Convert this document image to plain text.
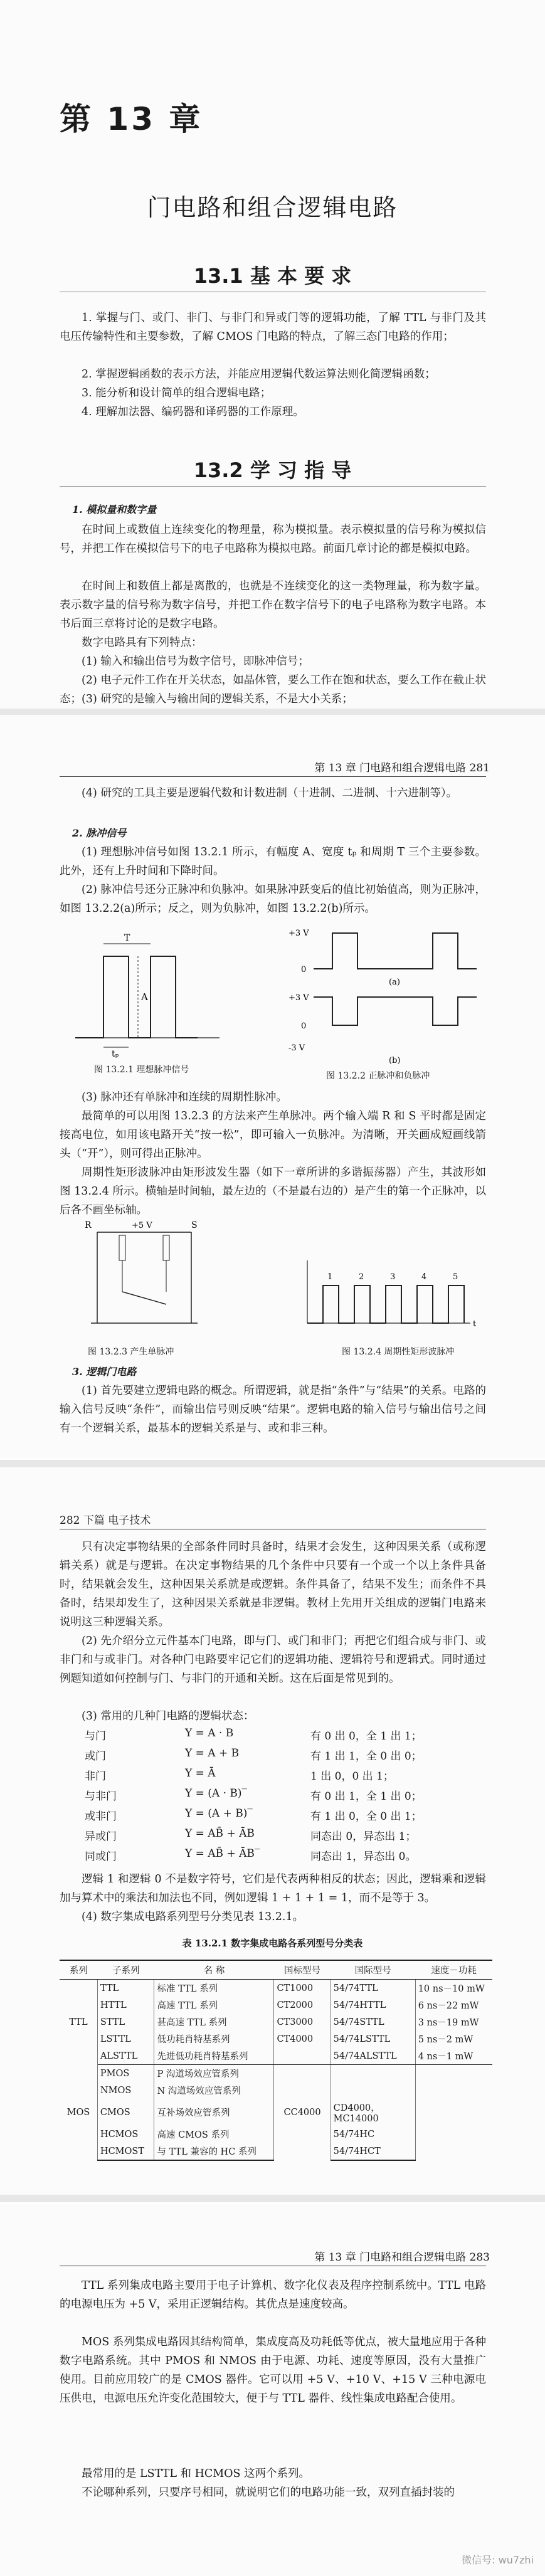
第 13 章
门电路和组合逻辑电路
13.1 基 本 要 求
1. 掌握与门、或门、非门、与非门和异或门等的逻辑功能，了解 TTL 与非门及其电压传输特性和主要参数，了解 CMOS 门电路的特点，了解三态门电路的作用；
2. 掌握逻辑函数的表示方法，并能应用逻辑代数运算法则化简逻辑函数；
3. 能分析和设计简单的组合逻辑电路；
4. 理解加法器、编码器和译码器的工作原理。
13.2 学 习 指 导
1. 模拟量和数字量
在时间上或数值上连续变化的物理量，称为模拟量。表示模拟量的信号称为模拟信号，并把工作在模拟信号下的电子电路称为模拟电路。前面几章讨论的都是模拟电路。
在时间上和数值上都是离散的，也就是不连续变化的这一类物理量，称为数字量。表示数字量的信号称为数字信号，并把工作在数字信号下的电子电路称为数字电路。本书后面三章将讨论的是数字电路。
数字电路具有下列特点：
(1) 输入和输出信号为数字信号，即脉冲信号；
(2) 电子元件工作在开关状态，如晶体管，要么工作在饱和状态，要么工作在截止状态； (3) 研究的是输入与输出间的逻辑关系，不是大小关系；
第 13 章 门电路和组合逻辑电路 281
(4) 研究的工具主要是逻辑代数和计数进制（十进制、二进制、十六进制等）。
2. 脉冲信号
(1) 理想脉冲信号如图 13.2.1 所示，有幅度 A、宽度 tₚ 和周期 T 三个主要参数。此外，还有上升时间和下降时间。
(2) 脉冲信号还分正脉冲和负脉冲。如果脉冲跃变后的值比初始值高，则为正脉冲，如图 13.2.2(a)所示；反之，则为负脉冲，如图 13.2.2(b)所示。
A
tₚ
T
图 13.2.1 理想脉冲信号
+3 V
0
(a)
+3 V
0
-3 V
(b)
图 13.2.2 正脉冲和负脉冲
(3) 脉冲还有单脉冲和连续的周期性脉冲。
最简单的可以用图 13.2.3 的方法来产生单脉冲。两个输入端 R 和 S 平时都是固定接高电位，如用该电路开关“按一松”，即可输入一负脉冲。为清晰，开关画成短画线箭头（“开”），则可得出正脉冲。
周期性矩形波脉冲由矩形波发生器（如下一章所讲的多谐振荡器）产生，其波形如图 13.2.4 所示。横轴是时间轴，最左边的（不是最右边的）是产生的第一个正脉冲，以后各不画坐标轴。
R	S
+5 V
图 13.2.3 产生单脉冲
1	2	3	4	5
t
图 13.2.4 周期性矩形波脉冲
3. 逻辑门电路
(1) 首先要建立逻辑电路的概念。所谓逻辑，就是指“条件”与“结果”的关系。电路的输入信号反映“条件”，而输出信号则反映“结果”。逻辑电路的输入信号与输出信号之间有一个逻辑关系，最基本的逻辑关系是与、或和非三种。
282 下篇 电子技术
只有决定事物结果的全部条件同时具备时，结果才会发生，这种因果关系（或称逻辑关系）就是与逻辑。在决定事物结果的几个条件中只要有一个或一个以上条件具备时，结果就会发生，这种因果关系就是或逻辑。条件具备了，结果不发生；而条件不具备时，结果却发生了，这种因果关系就是非逻辑。教材上先用开关组成的逻辑门电路来说明这三种逻辑关系。
(2) 先介绍分立元件基本门电路，即与门、或门和非门；再把它们组合成与非门、或非门和与或非门。对各种门电路要牢记它们的逻辑功能、逻辑符号和逻辑式。同时通过例题知道如何控制与门、与非门的开通和关断。这在后面是常见到的。
(3) 常用的几种门电路的逻辑状态：
与门	Y = A · B	有 0 出 0，全 1 出 1；
或门	Y = A + B	有 1 出 1，全 0 出 0；
非门	Y = Ā	1 出 0，0 出 1；
与非门	Y = (A · B)‾	有 0 出 1，全 1 出 0；
或非门	Y = (A + B)‾	有 1 出 0，全 0 出 1；
异或门	Y = AB̄ + ĀB	同态出 0，异态出 1；
同或门	Y = AB̄ + ĀB‾	同态出 1，异态出 0。
逻辑 1 和逻辑 0 不是数字符号，它们是代表两种相反的状态；因此，逻辑乘和逻辑加与算术中的乘法和加法也不同，例如逻辑 1 + 1 + 1 = 1，而不是等于 3。
(4) 数字集成电路系列型号分类见表 13.2.1。
表 13.2.1 数字集成电路各系列型号分类表
系列	子系列	名 称	国标型号	国际型号	速度－功耗
TTL	TTL	标准 TTL 系列	CT1000	54/74TTL	10 ns－10 mW
	HTTL	高速 TTL 系列	CT2000	54/74HTTL	6 ns－22 mW
	STTL	甚高速 TTL 系列	CT3000	54/74STTL	3 ns－19 mW
	LSTTL	低功耗肖特基系列	CT4000	54/74LSTTL	5 ns－2 mW
	ALSTTL	先进低功耗肖特基系列		54/74ALSTTL	4 ns－1 mW
MOS	PMOS	P 沟道场效应管系列	CC4000		
	NMOS	N 沟道场效应管系列			
	CMOS	互补场效应管系列		CD4000，MC14000	
	HCMOS	高速 CMOS 系列		54/74HC	
	HCMOST	与 TTL 兼容的 HC 系列		54/74HCT	
第 13 章 门电路和组合逻辑电路 283
TTL 系列集成电路主要用于电子计算机、数字化仪表及程序控制系统中。TTL 电路的电源电压为 +5 V，采用正逻辑结构。其优点是速度较高。
MOS 系列集成电路因其结构简单，集成度高及功耗低等优点，被大量地应用于各种数字电路系统。其中 PMOS 和 NMOS 由于电源、功耗、速度等原因，没有大量推广使用。目前应用较广的是 CMOS 器件。它可以用 +5 V、+10 V、+15 V 三种电源电压供电，电源电压允许变化范围较大，便于与 TTL 器件、线性集成电路配合使用。
最常用的是 LSTTL 和 HCMOS 这两个系列。
不论哪种系列，只要序号相同，就说明它们的电路功能一致，双列直插封装的
微信号: wu7zhi
